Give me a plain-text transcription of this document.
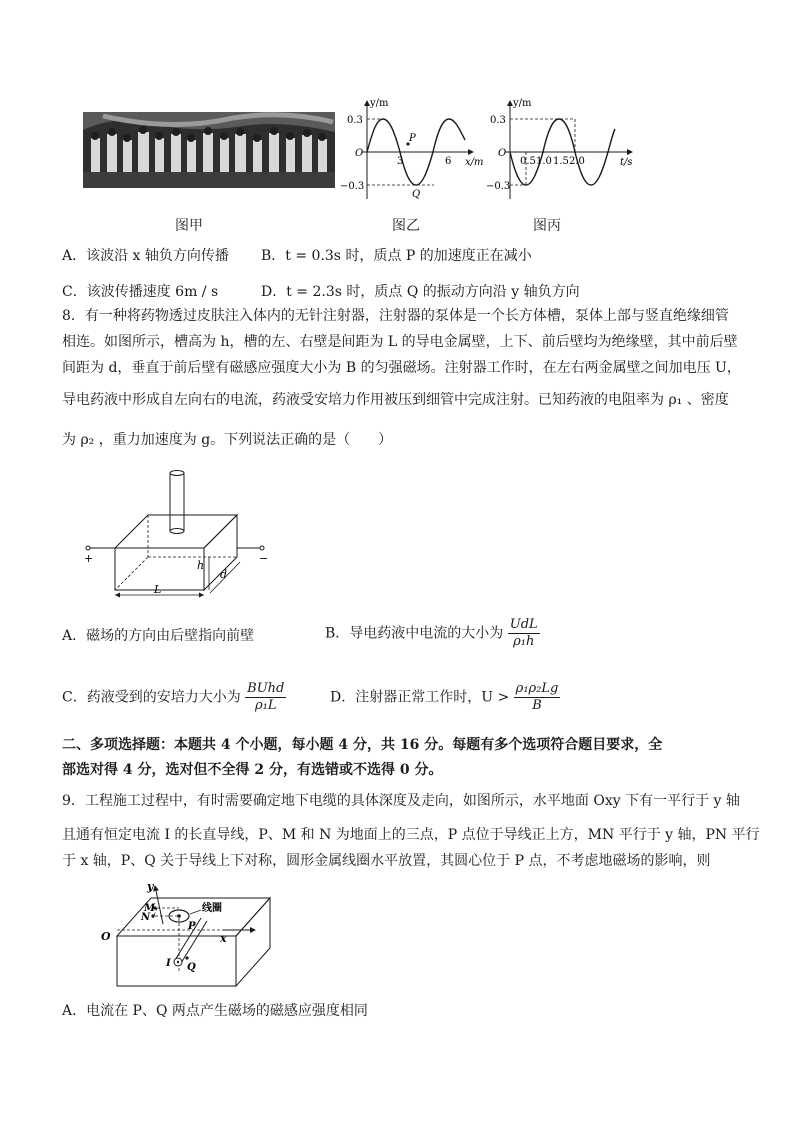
y/m
0.3
O
−0.3
3	6 x/m
P
Q
y/m
0.3
O
−0.3
0.5 1.0 1.5 2.0	t/s
图甲	图乙	图丙
A．该波沿 x 轴负方向传播 B．t = 0.3s 时，质点 P 的加速度正在减小
C．该波传播速度 6m / s	D．t = 2.3s 时，质点 Q 的振动方向沿 y 轴负方向
8．有一种将药物透过皮肤注入体内的无针注射器，注射器的泵体是一个长方体槽，泵体上部与竖直绝缘细管
相连。如图所示，槽高为 h，槽的左、右壁是间距为 L 的导电金属壁，上下、前后壁均为绝缘壁，其中前后壁
间距为 d，垂直于前后壁有磁感应强度大小为 B 的匀强磁场。注射器工作时，在左右两金属壁之间加电压 U，
导电药液中形成自左向右的电流，药液受安培力作用被压到细管中完成注射。已知药液的电阻率为 ρ₁ 、密度
为 ρ₂ ，重力加速度为 g。下列说法正确的是（　　）
h
d
L
+	−
A．磁场的方向由后壁指向前壁	B．导电药液中电流的大小为 $\frac{\text{UdL}}{\text{ρ₁h}}$
C．药液受到的安培力大小为 $\frac{\text{BUhd}}{\text{ρ₁L}}$	D．注射器正常工作时，$U > \frac{\text{ρ₁ρ₂Lg}}{B}$
二、多项选择题：本题共 4 个小题，每小题 4 分，共 16 分。每题有多个选项符合题目要求，全
部选对得 4 分，选对但不全得 2 分，有选错或不选得 0 分。
9．工程施工过程中，有时需要确定地下电缆的具体深度及走向，如图所示，水平地面 Oxy 下有一平行于 y 轴
且通有恒定电流 I 的长直导线，P、M 和 N 为地面上的三点，P 点位于导线正上方，MN 平行于 y 轴，PN 平行
于 x 轴，P、Q 关于导线上下对称，圆形金属线圈水平放置，其圆心位于 P 点，不考虑地磁场的影响，则
y
x
O
M
N
P
线圈
I Q
A．电流在 P、Q 两点产生磁场的磁感应强度相同
